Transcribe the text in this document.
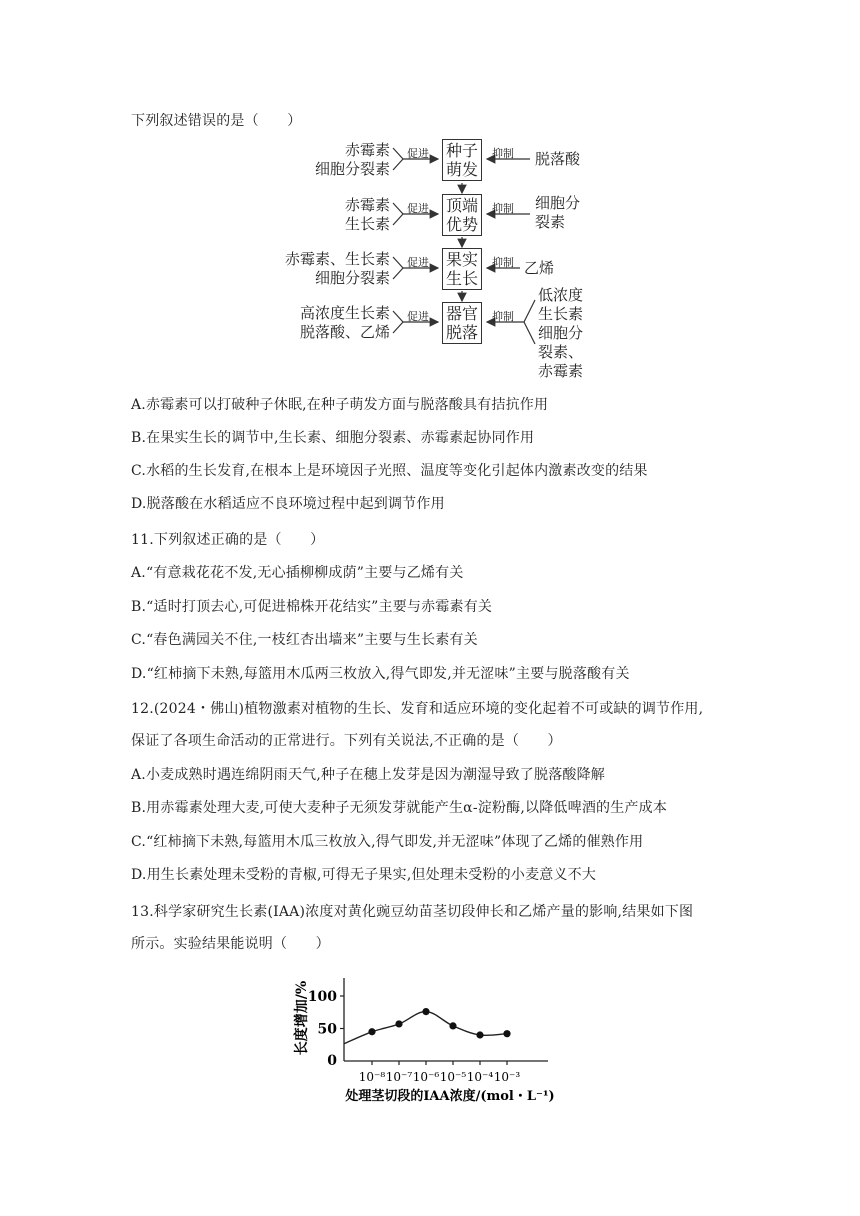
下列叙述错误的是（　　）
种子
萌发
顶端
优势
果实
生长
器官
脱落
促进	抑制
促进	抑制
促进	抑制
促进	抑制
赤霉素
细胞分裂素
赤霉素
生长素
赤霉素、生长素
细胞分裂素
高浓度生长素
脱落酸、乙烯
脱落酸
细胞分
裂素
乙烯
低浓度
生长素
细胞分
裂素、
赤霉素
A.赤霉素可以打破种子休眠,在种子萌发方面与脱落酸具有拮抗作用
B.在果实生长的调节中,生长素、细胞分裂素、赤霉素起协同作用
C.水稻的生长发育,在根本上是环境因子光照、温度等变化引起体内激素改变的结果
D.脱落酸在水稻适应不良环境过程中起到调节作用
11.下列叙述正确的是（　　）
A.“有意栽花花不发,无心插柳柳成荫”主要与乙烯有关
B.“适时打顶去心,可促进棉株开花结实”主要与赤霉素有关
C.“春色满园关不住,一枝红杏出墙来”主要与生长素有关
D.“红柿摘下未熟,每篮用木瓜两三枚放入,得气即发,并无涩味”主要与脱落酸有关
12.(2024・佛山)植物激素对植物的生长、发育和适应环境的变化起着不可或缺的调节作用,
保证了各项生命活动的正常进行。下列有关说法,不正确的是（　　）
A.小麦成熟时遇连绵阴雨天气,种子在穗上发芽是因为潮湿导致了脱落酸降解
B.用赤霉素处理大麦,可使大麦种子无须发芽就能产生α-淀粉酶,以降低啤酒的生产成本
C.“红柿摘下未熟,每篮用木瓜三枚放入,得气即发,并无涩味”体现了乙烯的催熟作用
D.用生长素处理未受粉的青椒,可得无子果实,但处理未受粉的小麦意义不大
13.科学家研究生长素(IAA)浓度对黄化豌豆幼苗茎切段伸长和乙烯产量的影响,结果如下图
所示。实验结果能说明（　　）
0
50
100
10⁻⁸ 10⁻⁷ 10⁻⁶ 10⁻⁵ 10⁻⁴ 10⁻³
长度增加/%
处理茎切段的IAA浓度/(mol・L⁻¹)
